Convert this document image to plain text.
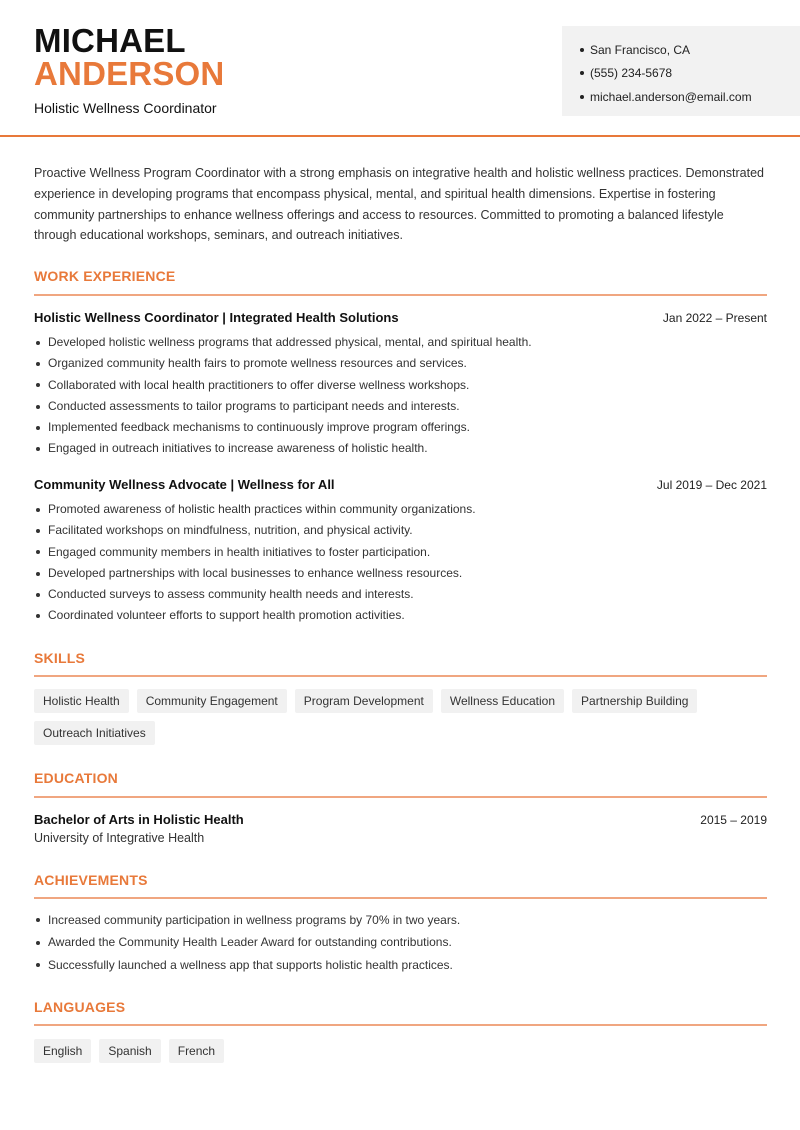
MICHAEL
ANDERSON
Holistic Wellness Coordinator
San Francisco, CA
(555) 234-5678
michael.anderson@email.com

Proactive Wellness Program Coordinator with a strong emphasis on integrative health and holistic wellness practices. Demonstrated experience in developing programs that encompass physical, mental, and spiritual health dimensions. Expertise in fostering community partnerships to enhance wellness offerings and access to resources. Committed to promoting a balanced lifestyle through educational workshops, seminars, and outreach initiatives.

WORK EXPERIENCE
Holistic Wellness Coordinator | Integrated Health Solutions	Jan 2022 – Present
Developed holistic wellness programs that addressed physical, mental, and spiritual health.
Organized community health fairs to promote wellness resources and services.
Collaborated with local health practitioners to offer diverse wellness workshops.
Conducted assessments to tailor programs to participant needs and interests.
Implemented feedback mechanisms to continuously improve program offerings.
Engaged in outreach initiatives to increase awareness of holistic health.
Community Wellness Advocate | Wellness for All	Jul 2019 – Dec 2021
Promoted awareness of holistic health practices within community organizations.
Facilitated workshops on mindfulness, nutrition, and physical activity.
Engaged community members in health initiatives to foster participation.
Developed partnerships with local businesses to enhance wellness resources.
Conducted surveys to assess community health needs and interests.
Coordinated volunteer efforts to support health promotion activities.
SKILLS
Holistic Health	Community Engagement	Program Development	Wellness Education	Partnership Building
Outreach Initiatives
EDUCATION
Bachelor of Arts in Holistic Health	2015 – 2019
University of Integrative Health
ACHIEVEMENTS
Increased community participation in wellness programs by 70% in two years.
Awarded the Community Health Leader Award for outstanding contributions.
Successfully launched a wellness app that supports holistic health practices.
LANGUAGES
English	Spanish	French
